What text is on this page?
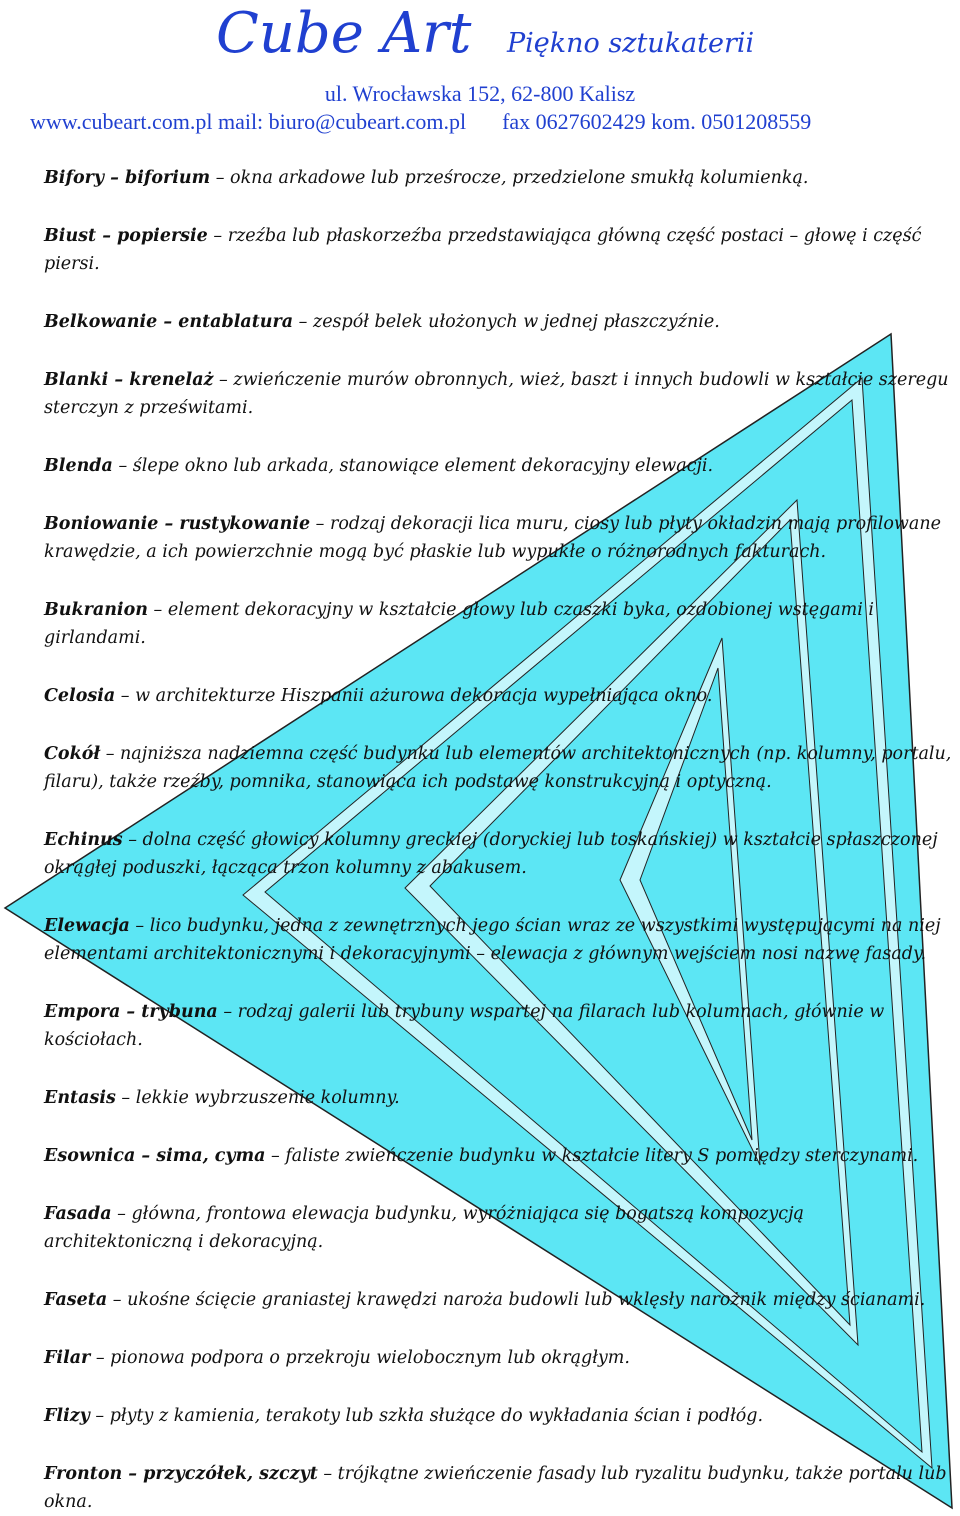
Cube Art Piękno sztukaterii
ul. Wrocławska 152, 62-800 Kalisz
www.cubeart.com.pl mail: biuro@cubeart.com.pl fax 0627602429 kom. 0501208559

Bifory – biforium – okna arkadowe lub prześrocze, przedzielone smukłą kolumienką.

Biust – popiersie – rzeźba lub płaskorzeźba przedstawiająca główną część postaci – głowę i część piersi.

Belkowanie – entablatura – zespół belek ułożonych w jednej płaszczyźnie.

Blanki – krenelaż – zwieńczenie murów obronnych, wież, baszt i innych budowli w kształcie szeregu sterczyn z prześwitami.

Blenda – ślepe okno lub arkada, stanowiące element dekoracyjny elewacji.

Boniowanie – rustykowanie – rodzaj dekoracji lica muru, ciosy lub płyty okładzin mają profilowane krawędzie, a ich powierzchnie mogą być płaskie lub wypukłe o różnorodnych fakturach.

Bukranion – element dekoracyjny w kształcie głowy lub czaszki byka, ozdobionej wstęgami i girlandami.

Celosia – w architekturze Hiszpanii ażurowa dekoracja wypełniająca okno.

Cokół – najniższa nadziemna część budynku lub elementów architektonicznych (np. kolumny, portalu, filaru), także rzeźby, pomnika, stanowiąca ich podstawę konstrukcyjną i optyczną.

Echinus – dolna część głowicy kolumny greckiej (doryckiej lub toskańskiej) w kształcie spłaszczonej okrągłej poduszki, łącząca trzon kolumny z abakusem.

Elewacja – lico budynku, jedna z zewnętrznych jego ścian wraz ze wszystkimi występującymi na niej elementami architektonicznymi i dekoracyjnymi – elewacja z głównym wejściem nosi nazwę fasady.

Empora – trybuna – rodzaj galerii lub trybuny wspartej na filarach lub kolumnach, głównie w kościołach.

Entasis – lekkie wybrzuszenie kolumny.

Esownica – sima, cyma – faliste zwieńczenie budynku w kształcie litery S pomiędzy sterczynami.

Fasada – główna, frontowa elewacja budynku, wyróżniająca się bogatszą kompozycją architektoniczną i dekoracyjną.

Faseta – ukośne ścięcie graniastej krawędzi naroża budowli lub wklęsły narożnik między ścianami.

Filar – pionowa podpora o przekroju wielobocznym lub okrągłym.

Flizy – płyty z kamienia, terakoty lub szkła służące do wykładania ścian i podłóg.

Fronton – przyczółek, szczyt – trójkątne zwieńczenie fasady lub ryzalitu budynku, także portalu lub okna.
